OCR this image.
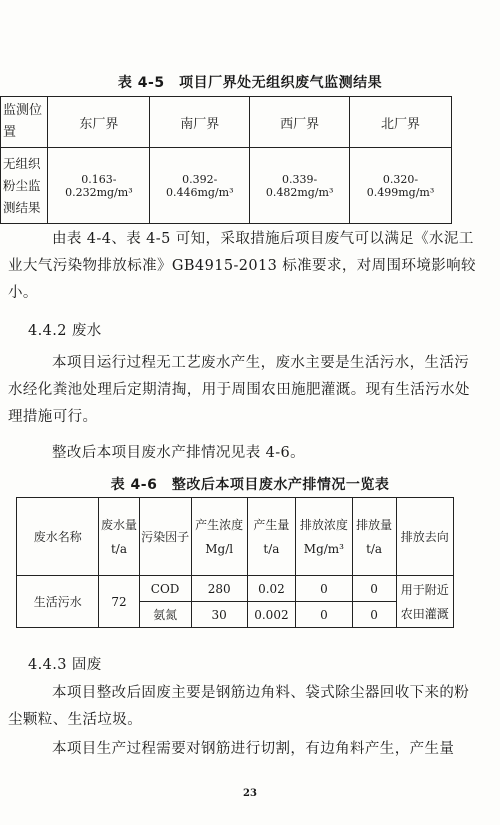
表 4-5　项目厂界处无组织废气监测结果
监测位置	东厂界	南厂界	西厂界	北厂界
无组织粉尘监测结果	0.163-0.232mg/m³	0.392-0.446mg/m³	0.339-0.482mg/m³	0.320-0.499mg/m³
由表 4-4、表 4-5 可知，采取措施后项目废气可以满足《水泥工业大气污染物排放标准》GB4915-2013 标准要求，对周围环境影响较小。
4.4.2 废水
本项目运行过程无工艺废水产生，废水主要是生活污水，生活污水经化粪池处理后定期清掏，用于周围农田施肥灌溉。现有生活污水处理措施可行。
整改后本项目废水产排情况见表 4-6。
表 4-6　整改后本项目废水产排情况一览表
废水名称	废水量t/a	污染因子	产生浓度Mg/l	产生量t/a	排放浓度Mg/m³	排放量t/a	排放去向
生活污水	72	COD	280	0.02	0	0	用于附近农田灌溉
		氨氮	30	0.002	0	0	
4.4.3 固废
本项目整改后固废主要是钢筋边角料、袋式除尘器回收下来的粉尘颗粒、生活垃圾。
本项目生产过程需要对钢筋进行切割，有边角料产生，产生量
23
